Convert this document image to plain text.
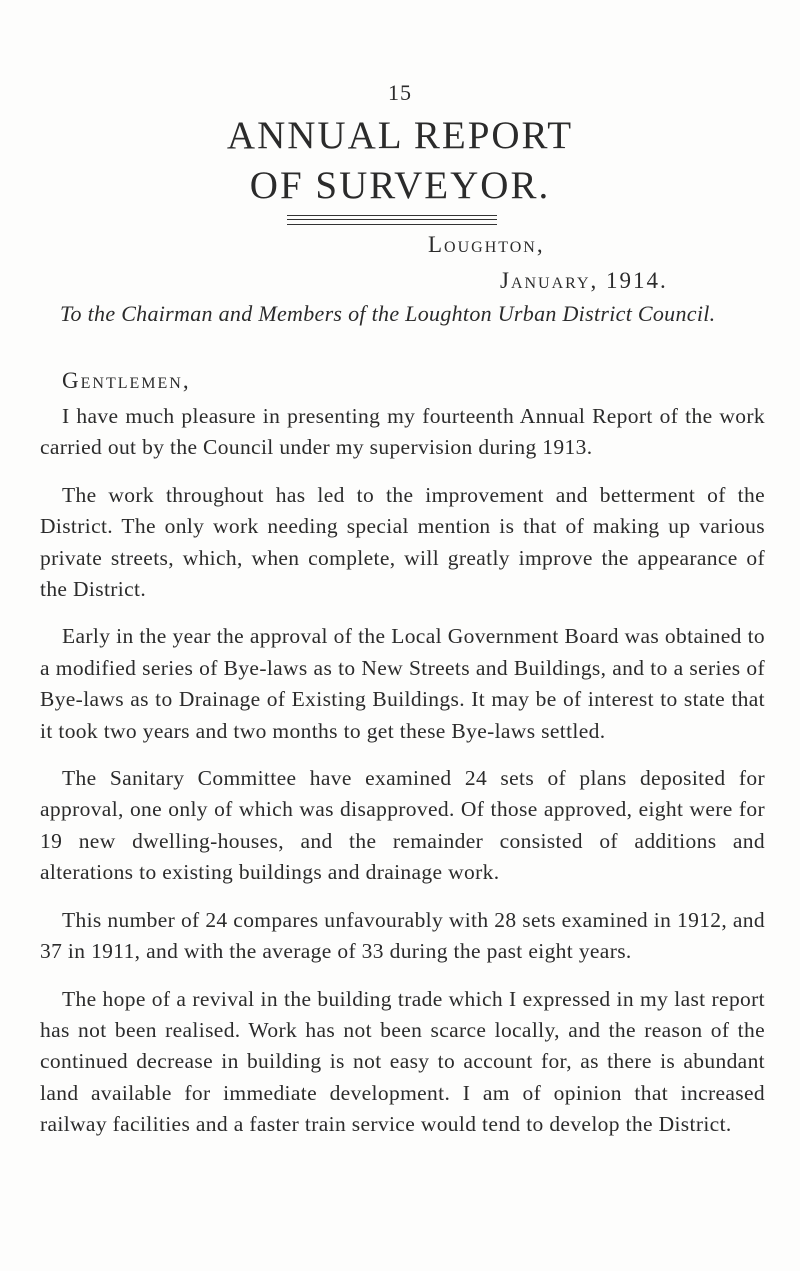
15
ANNUAL REPORT
OF SURVEYOR.
Loughton,
January, 1914.
To the Chairman and Members of the Loughton Urban District Council.
Gentlemen,

I have much pleasure in presenting my fourteenth Annual Report of the work carried out by the Council under my supervision during 1913.

The work throughout has led to the improvement and betterment of the District. The only work needing special mention is that of making up various private streets, which, when complete, will greatly improve the appearance of the District.

Early in the year the approval of the Local Government Board was obtained to a modified series of Bye-laws as to New Streets and Buildings, and to a series of Bye-laws as to Drainage of Existing Buildings. It may be of interest to state that it took two years and two months to get these Bye-laws settled.

The Sanitary Committee have examined 24 sets of plans deposited for approval, one only of which was disapproved. Of those approved, eight were for 19 new dwelling-houses, and the remainder consisted of additions and alterations to existing buildings and drainage work.

This number of 24 compares unfavourably with 28 sets examined in 1912, and 37 in 1911, and with the average of 33 during the past eight years.

The hope of a revival in the building trade which I expressed in my last report has not been realised. Work has not been scarce locally, and the reason of the continued decrease in building is not easy to account for, as there is abundant land available for immediate development. I am of opinion that increased railway facilities and a faster train service would tend to develop the District.
